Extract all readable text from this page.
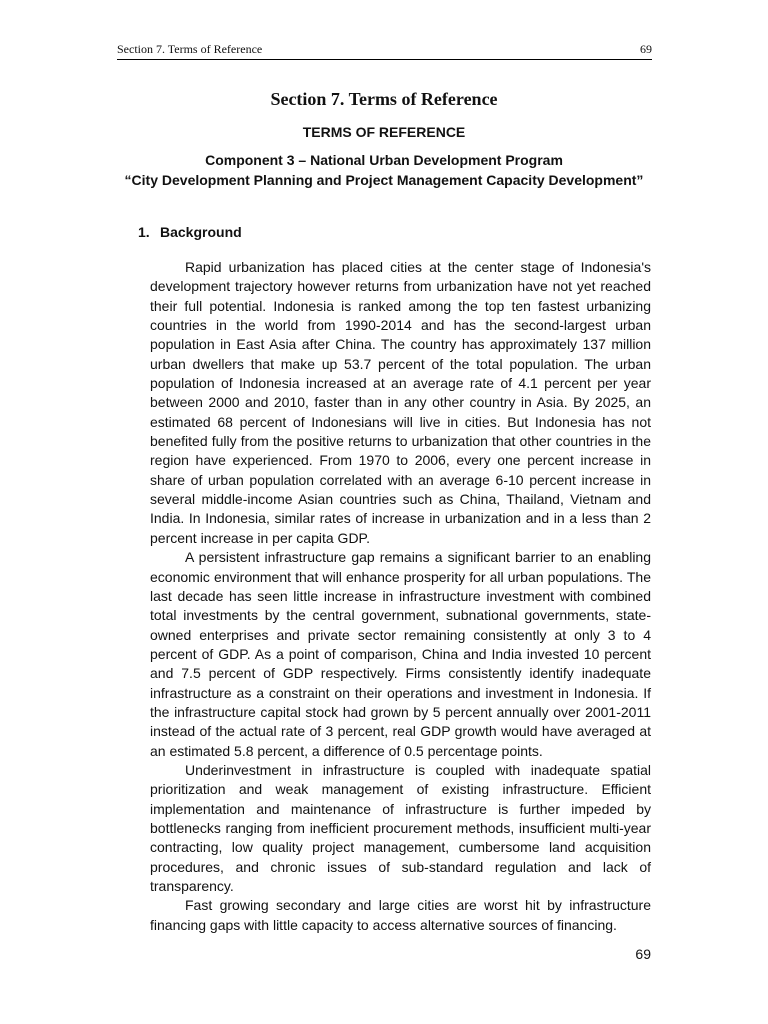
Section 7. Terms of Reference	69
Section 7. Terms of Reference
TERMS OF REFERENCE
Component 3 – National Urban Development Program
“City Development Planning and Project Management Capacity Development”
1. Background

Rapid urbanization has placed cities at the center stage of Indonesia's development trajectory however returns from urbanization have not yet reached their full potential. Indonesia is ranked among the top ten fastest urbanizing countries in the world from 1990-2014 and has the second-largest urban population in East Asia after China. The country has approximately 137 million urban dwellers that make up 53.7 percent of the total population. The urban population of Indonesia increased at an average rate of 4.1 percent per year between 2000 and 2010, faster than in any other country in Asia. By 2025, an estimated 68 percent of Indonesians will live in cities. But Indonesia has not benefited fully from the positive returns to urbanization that other countries in the region have experienced. From 1970 to 2006, every one percent increase in share of urban population correlated with an average 6-10 percent increase in several middle-income Asian countries such as China, Thailand, Vietnam and India. In Indonesia, similar rates of increase in urbanization and in a less than 2 percent increase in per capita GDP.

A persistent infrastructure gap remains a significant barrier to an enabling economic environment that will enhance prosperity for all urban populations. The last decade has seen little increase in infrastructure investment with combined total investments by the central government, subnational governments, state-owned enterprises and private sector remaining consistently at only 3 to 4 percent of GDP. As a point of comparison, China and India invested 10 percent and 7.5 percent of GDP respectively. Firms consistently identify inadequate infrastructure as a constraint on their operations and investment in Indonesia. If the infrastructure capital stock had grown by 5 percent annually over 2001-2011 instead of the actual rate of 3 percent, real GDP growth would have averaged at an estimated 5.8 percent, a difference of 0.5 percentage points.

Underinvestment in infrastructure is coupled with inadequate spatial prioritization and weak management of existing infrastructure. Efficient implementation and maintenance of infrastructure is further impeded by bottlenecks ranging from inefficient procurement methods, insufficient multi-year contracting, low quality project management, cumbersome land acquisition procedures, and chronic issues of sub-standard regulation and lack of transparency.

Fast growing secondary and large cities are worst hit by infrastructure financing gaps with little capacity to access alternative sources of financing.

69
